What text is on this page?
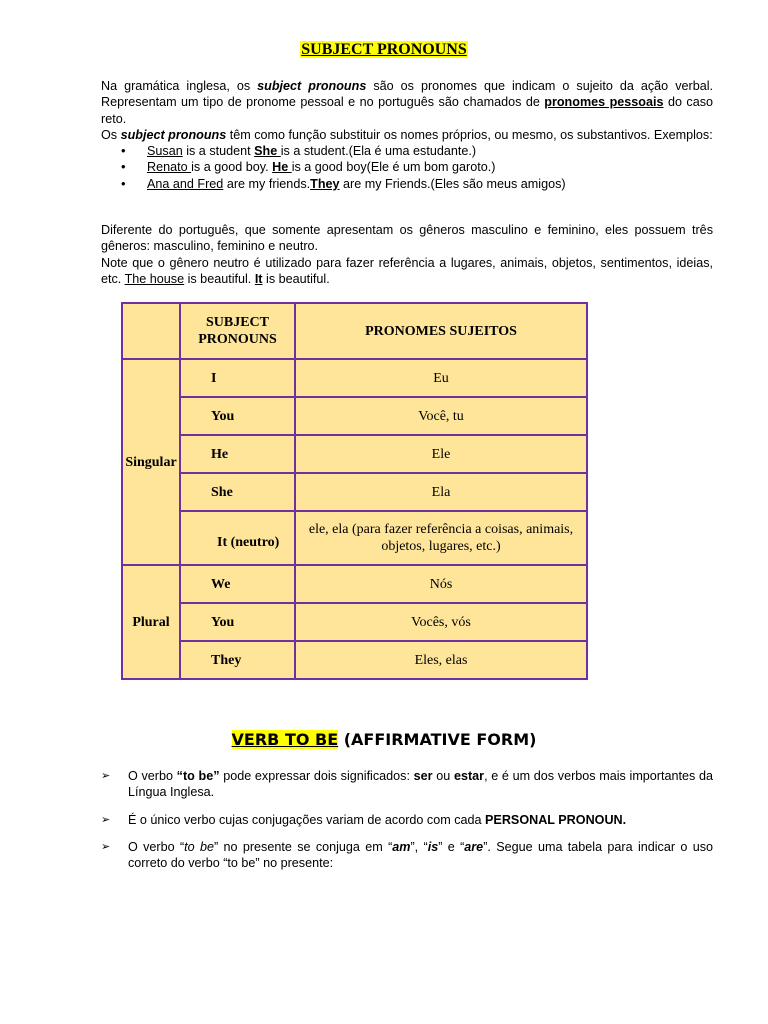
SUBJECT PRONOUNS

Na gramática inglesa, os subject pronouns são os pronomes que indicam o sujeito da ação verbal. Representam um tipo de pronome pessoal e no português são chamados de pronomes pessoais do caso reto.

Os subject pronouns têm como função substituir os nomes próprios, ou mesmo, os substantivos. Exemplos:

• Susan is a student She is a student.(Ela é uma estudante.)
• Renato is a good boy. He is a good boy(Ele é um bom garoto.)
• Ana and Fred are my friends.They are my Friends.(Eles são meus amigos)

Diferente do português, que somente apresentam os gêneros masculino e feminino, eles possuem três gêneros: masculino, feminino e neutro.

Note que o gênero neutro é utilizado para fazer referência a lugares, animais, objetos, sentimentos, ideias, etc. The house is beautiful. It is beautiful.

	SUBJECT PRONOUNS	PRONOMES SUJEITOS
Singular	I	Eu
	You	Você, tu
	He	Ele
	She	Ela
	It (neutro)	ele, ela (para fazer referência a coisas, animais, objetos, lugares, etc.)
Plural	We	Nós
	You	Vocês, vós
	They	Eles, elas
VERB TO BE (AFFIRMATIVE FORM)
➢ O verbo “to be” pode expressar dois significados: ser ou estar, e é um dos verbos mais importantes da Língua Inglesa.
➢ É o único verbo cujas conjugações variam de acordo com cada PERSONAL PRONOUN.
➢ O verbo “to be” no presente se conjuga em “am”, “is” e “are”. Segue uma tabela para indicar o uso correto do verbo “to be” no presente:
